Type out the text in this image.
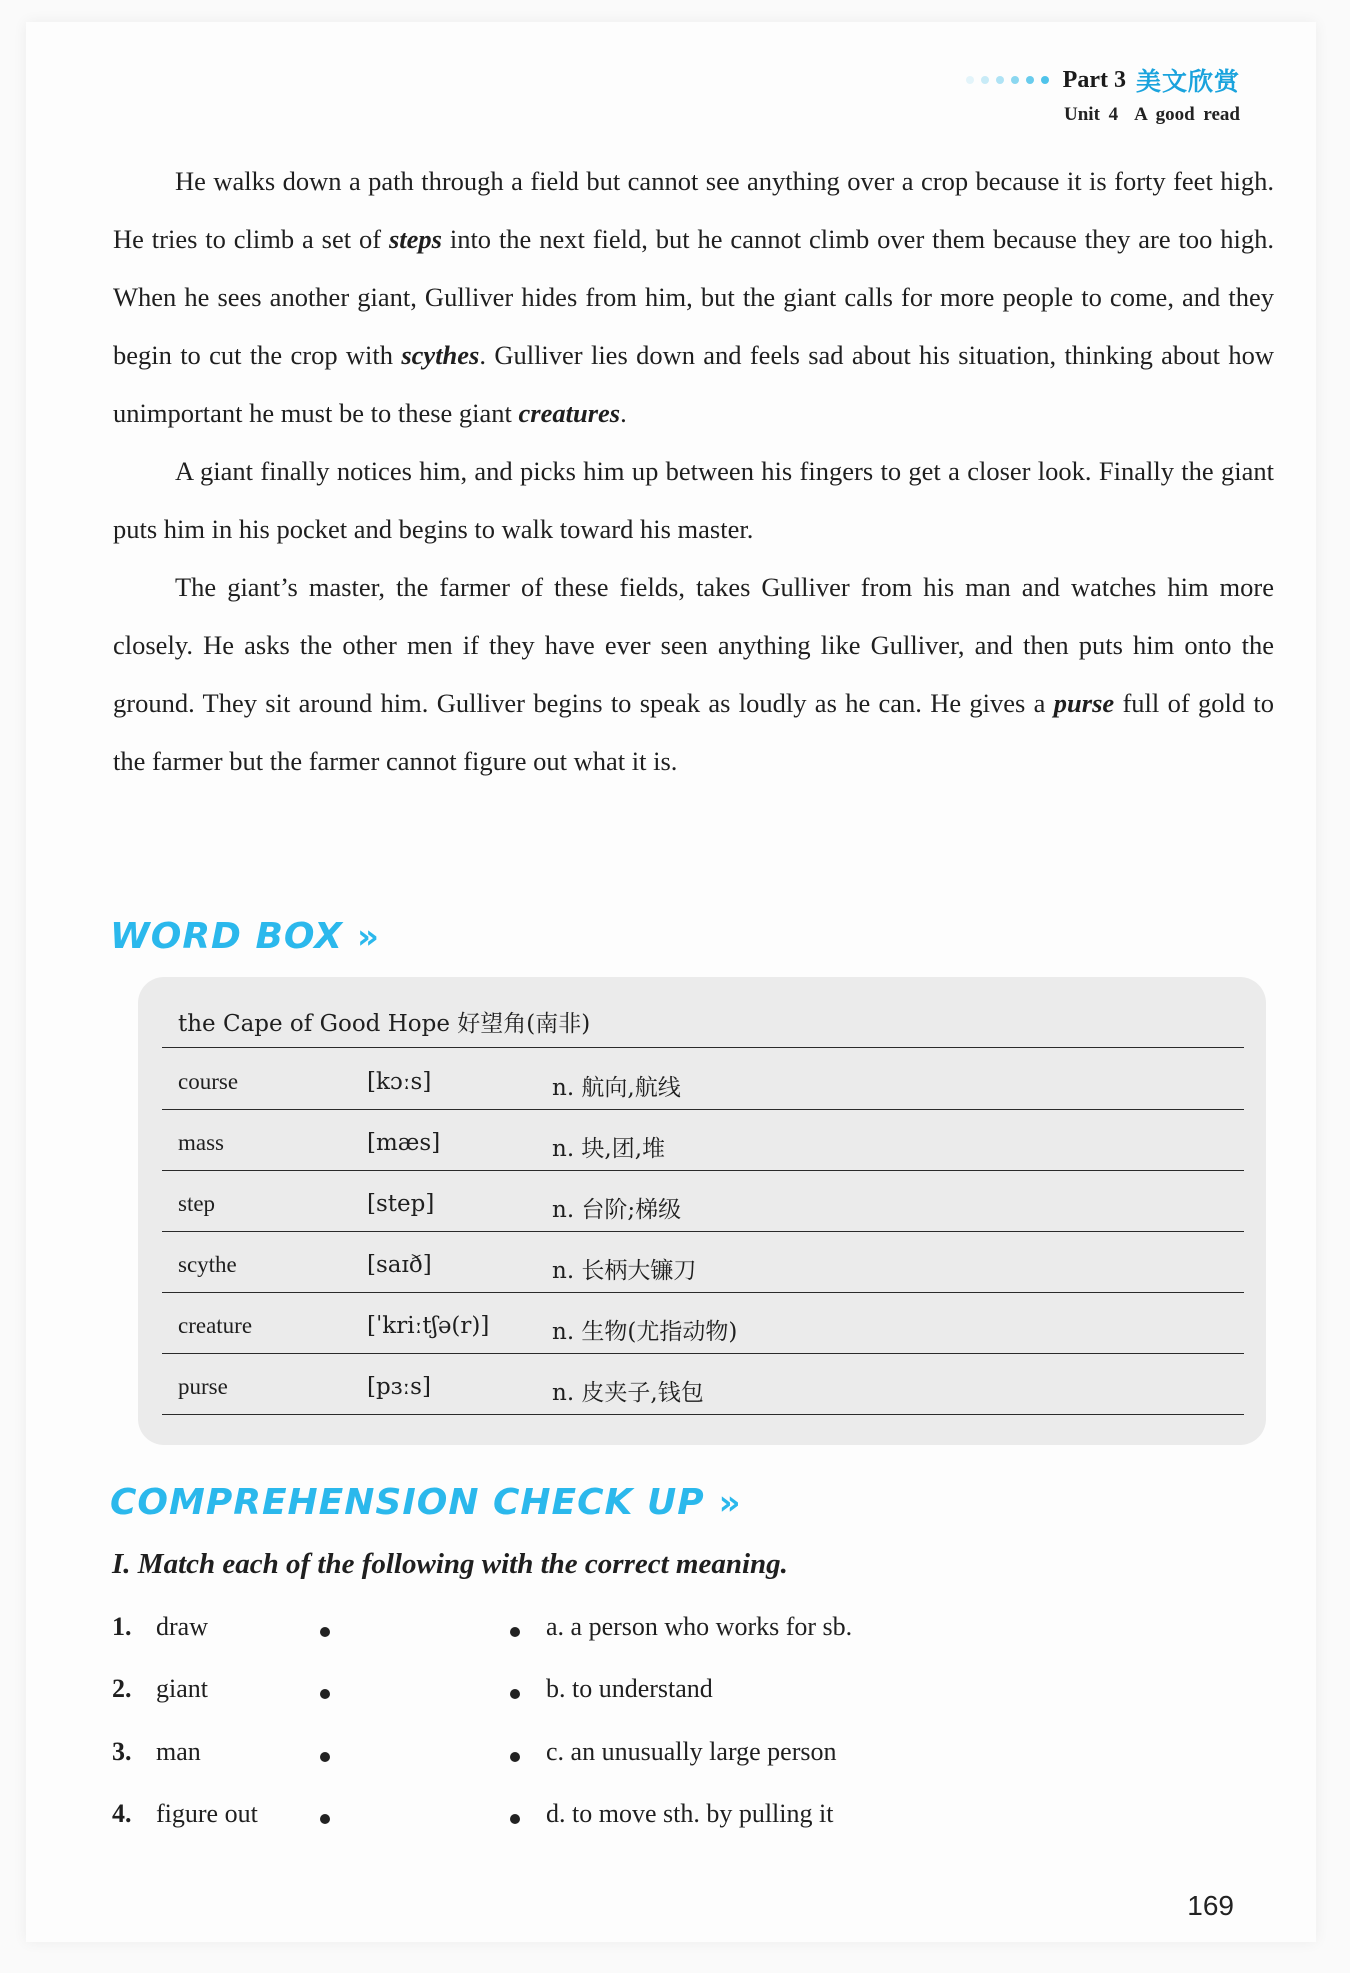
Part 3 美文欣赏
Unit 4 A good read

He walks down a path through a field but cannot see anything over a crop because it is forty feet high. He tries to climb a set of steps into the next field, but he cannot climb over them because they are too high. When he sees another giant, Gulliver hides from him, but the giant calls for more people to come, and they begin to cut the crop with scythes. Gulliver lies down and feels sad about his situation, thinking about how unimportant he must be to these giant creatures.

A giant finally notices him, and picks him up between his fingers to get a closer look. Finally the giant puts him in his pocket and begins to walk toward his master.

The giant’s master, the farmer of these fields, takes Gulliver from his man and watches him more closely. He asks the other men if they have ever seen anything like Gulliver, and then puts him onto the ground. They sit around him. Gulliver begins to speak as loudly as he can. He gives a purse full of gold to the farmer but the farmer cannot figure out what it is.

WORD BOX »
the Cape of Good Hope 好望角(南非)
course	[kɔːs]	n. 航向,航线
mass	[mæs]	n. 块,团,堆
step	[step]	n. 台阶;梯级
scythe	[saɪð]	n. 长柄大镰刀
creature	[ˈkriːtʃə(r)]	n. 生物(尤指动物)
purse	[pɜːs]	n. 皮夹子,钱包
COMPREHENSION CHECK UP »
I. Match each of the following with the correct meaning.
1. draw	a. a person who works for sb.
2. giant	b. to understand
3. man	c. an unusually large person
4. figure out	d. to move sth. by pulling it
169
